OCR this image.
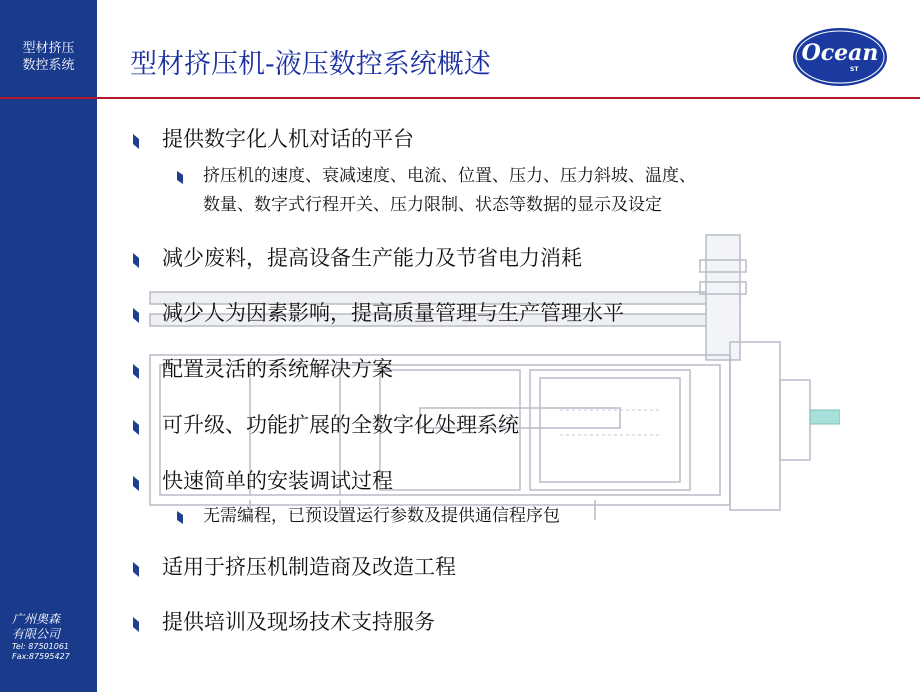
型材挤压
数控系统
广州奥森
有限公司
Tel: 87501061
Fax:87595427
型材挤压机-液压数控系统概述	Ocean
ST
提供数字化人机对话的平台
挤压机的速度、衰减速度、电流、位置、压力、压力斜坡、温度、
数量、数字式行程开关、压力限制、状态等数据的显示及设定
减少废料，提高设备生产能力及节省电力消耗
减少人为因素影响，提高质量管理与生产管理水平
配置灵活的系统解决方案
可升级、功能扩展的全数字化处理系统
快速简单的安装调试过程
无需编程，已预设置运行参数及提供通信程序包
适用于挤压机制造商及改造工程
提供培训及现场技术支持服务
